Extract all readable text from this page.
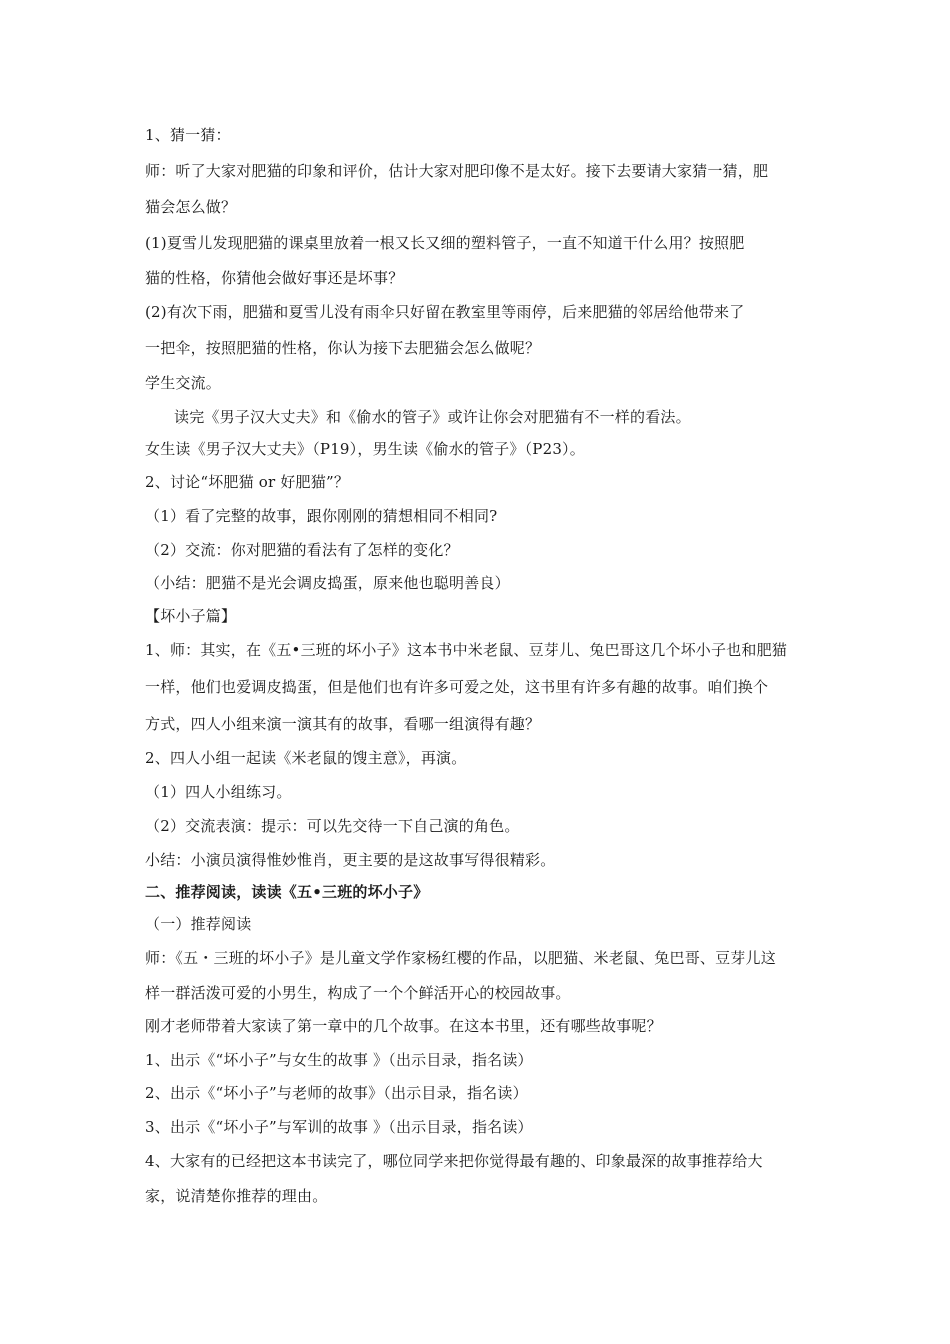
1、猜一猜：
师：听了大家对肥猫的印象和评价，估计大家对肥印像不是太好。接下去要请大家猜一猜，肥
猫会怎么做？
(1)夏雪儿发现肥猫的课桌里放着一根又长又细的塑料管子，一直不知道干什么用？按照肥
猫的性格，你猜他会做好事还是坏事？
(2)有次下雨，肥猫和夏雪儿没有雨伞只好留在教室里等雨停，后来肥猫的邻居给他带来了
一把伞，按照肥猫的性格，你认为接下去肥猫会怎么做呢？
学生交流。
读完《男子汉大丈夫》和《偷水的管子》或许让你会对肥猫有不一样的看法。
女生读《男子汉大丈夫》（P19），男生读《偷水的管子》（P23）。
2、讨论“坏肥猫 or 好肥猫”？
（1）看了完整的故事，跟你刚刚的猜想相同不相同?
（2）交流：你对肥猫的看法有了怎样的变化？
（小结：肥猫不是光会调皮捣蛋，原来他也聪明善良）
【坏小子篇】
1、师：其实，在《五•三班的坏小子》这本书中米老鼠、豆芽儿、兔巴哥这几个坏小子也和肥猫
一样，他们也爱调皮捣蛋，但是他们也有许多可爱之处，这书里有许多有趣的故事。咱们换个
方式，四人小组来演一演其有的故事，看哪一组演得有趣？
2、四人小组一起读《米老鼠的馊主意》，再演。
（1）四人小组练习。
（2）交流表演：提示：可以先交待一下自己演的角色。
小结：小演员演得惟妙惟肖，更主要的是这故事写得很精彩。
二、推荐阅读，读读《五•三班的坏小子》
（一）推荐阅读
师：《五・三班的坏小子》是儿童文学作家杨红樱的作品，以肥猫、米老鼠、兔巴哥、豆芽儿这
样一群活泼可爱的小男生，构成了一个个鲜活开心的校园故事。
刚才老师带着大家读了第一章中的几个故事。在这本书里，还有哪些故事呢？
1、出示《“坏小子”与女生的故事 》（出示目录，指名读）
2、出示《“坏小子”与老师的故事》（出示目录，指名读）
3、出示《“坏小子”与军训的故事 》（出示目录，指名读）
4、大家有的已经把这本书读完了，哪位同学来把你觉得最有趣的、印象最深的故事推荐给大
家，说清楚你推荐的理由。
